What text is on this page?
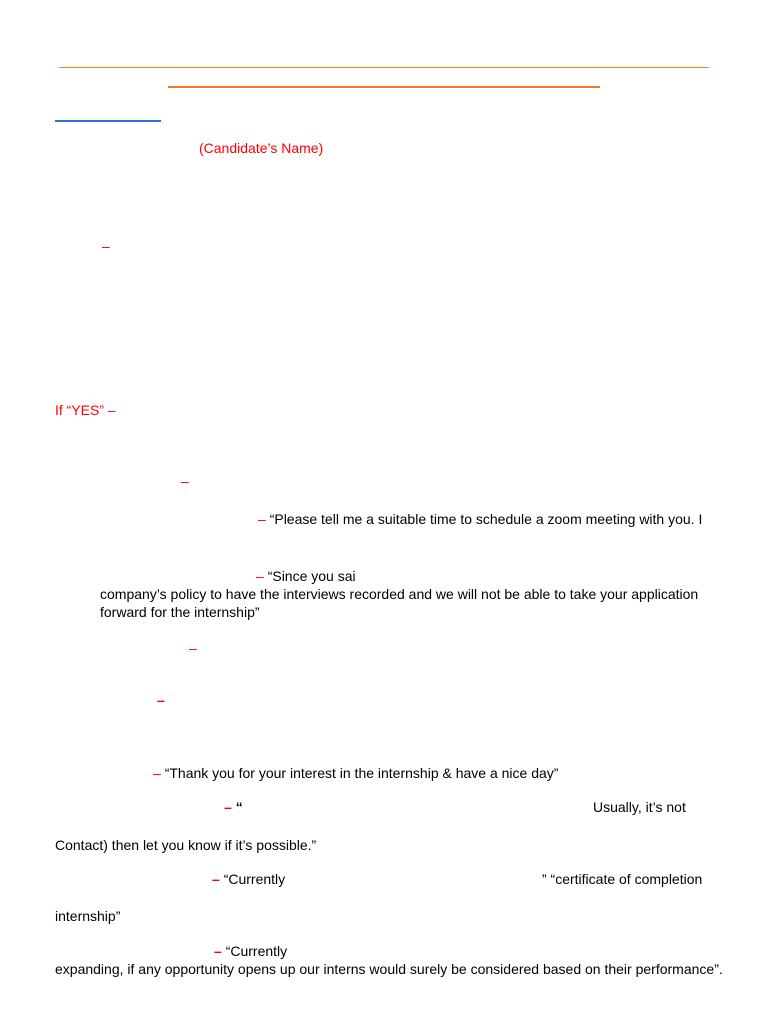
(Candidate’s Name)
–
If “YES” –
–
– “Please tell me a suitable time to schedule a zoom meeting with you. I
– “Since you sai
company’s policy to have the interviews recorded and we will not be able to take your application
forward for the internship”
–
–
– “Thank you for your interest in the internship & have a nice day”
– “	Usually, it’s not
Contact) then let you know if it’s possible.”
– “Currently	” “certificate of completion
internship”
– “Currently
expanding, if any opportunity opens up our interns would surely be considered based on their performance”.
